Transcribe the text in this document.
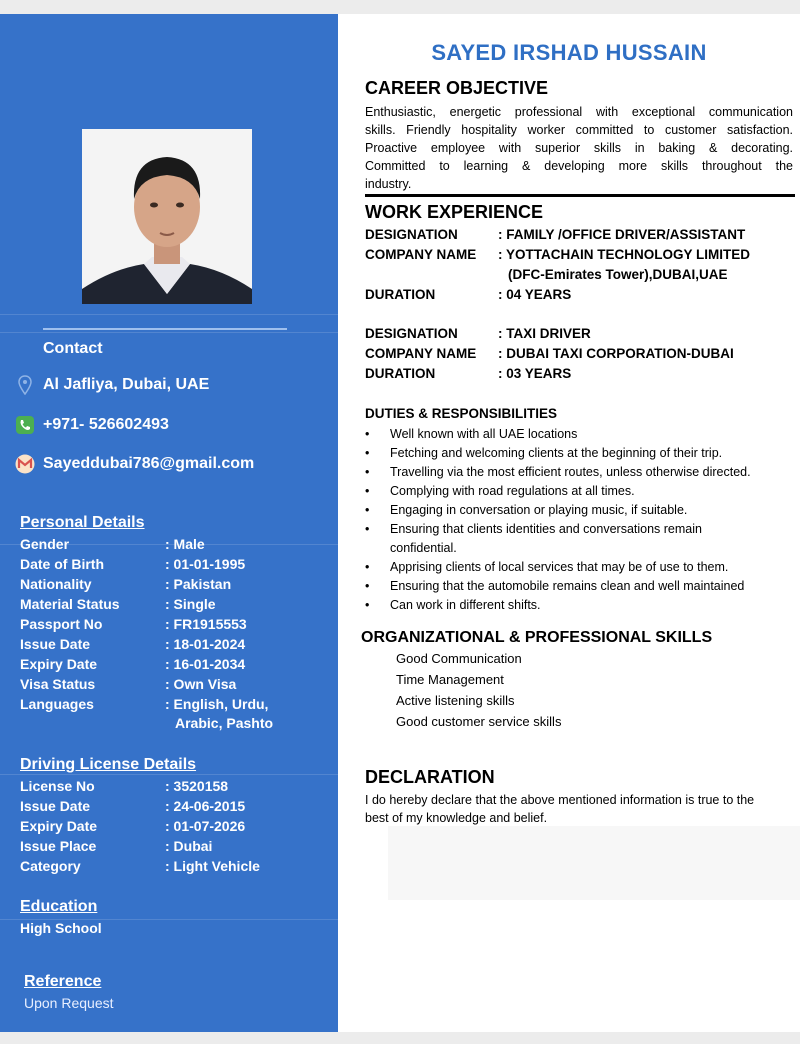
Contact
Al Jafliya, Dubai, UAE
+971- 526602493
Sayeddubai786@gmail.com
Personal Details
Gender	: Male
Date of Birth	: 01-01-1995
Nationality	: Pakistan
Material Status	: Single
Passport No	: FR1915553
Issue Date	: 18-01-2024
Expiry Date	: 16-01-2034
Visa Status	: Own Visa
Languages	: English, Urdu,
Arabic, Pashto
Driving License Details
License No	: 3520158
Issue Date	: 24-06-2015
Expiry Date	: 01-07-2026
Issue Place	: Dubai
Category	: Light Vehicle
Education
High School
Reference
Upon Request
SAYED IRSHAD HUSSAIN
CAREER OBJECTIVE
Enthusiastic, energetic professional with exceptional communication
skills. Friendly hospitality worker committed to customer satisfaction.
Proactive employee with superior skills in baking & decorating.
Committed to learning & developing more skills throughout the
industry.
WORK EXPERIENCE
DESIGNATION	: FAMILY /OFFICE DRIVER/ASSISTANT
COMPANY NAME : YOTTACHAIN TECHNOLOGY LIMITED
(DFC-Emirates Tower),DUBAI,UAE
DURATION	: 04 YEARS
DESIGNATION	: TAXI DRIVER
COMPANY NAME : DUBAI TAXI CORPORATION-DUBAI
DURATION	: 03 YEARS
DUTIES & RESPONSIBILITIES
• Well known with all UAE locations
• Fetching and welcoming clients at the beginning of their trip.
• Travelling via the most efficient routes, unless otherwise directed.
• Complying with road regulations at all times.
• Engaging in conversation or playing music, if suitable.
• Ensuring that clients identities and conversations remain
confidential.
• Apprising clients of local services that may be of use to them.
• Ensuring that the automobile remains clean and well maintained
• Can work in different shifts.
ORGANIZATIONAL & PROFESSIONAL SKILLS
Good Communication
Time Management
Active listening skills
Good customer service skills
DECLARATION
I do hereby declare that the above mentioned information is true to the
best of my knowledge and belief.
